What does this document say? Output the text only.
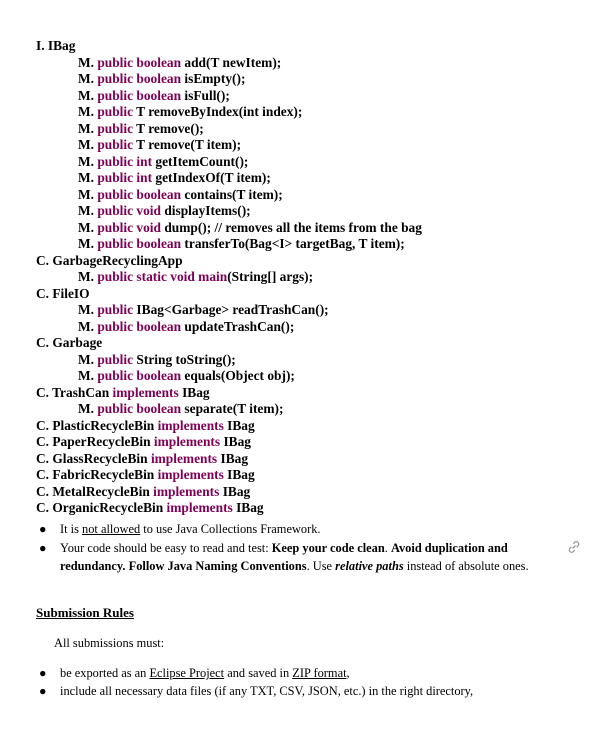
I. IBag
M. public boolean add(T newItem);
M. public boolean isEmpty();
M. public boolean isFull();
M. public T removeByIndex(int index);
M. public T remove();
M. public T remove(T item);
M. public int getItemCount();
M. public int getIndexOf(T item);
M. public boolean contains(T item);
M. public void displayItems();
M. public void dump(); // removes all the items from the bag
M. public boolean transferTo(Bag<I> targetBag, T item);
C. GarbageRecyclingApp
M. public static void main(String[] args);
C. FileIO
M. public IBag<Garbage> readTrashCan();
M. public boolean updateTrashCan();
C. Garbage
M. public String toString();
M. public boolean equals(Object obj);
C. TrashCan implements IBag
M. public boolean separate(T item);
C. PlasticRecycleBin implements IBag
C. PaperRecycleBin implements IBag
C. GlassRecycleBin implements IBag
C. FabricRecycleBin implements IBag
C. MetalRecycleBin implements IBag
C. OrganicRecycleBin implements IBag
● It is not allowed to use Java Collections Framework.
● Your code should be easy to read and test: Keep your code clean. Avoid duplication and redundancy. Follow Java Naming Conventions. Use relative paths instead of absolute ones.
Submission Rules
All submissions must:
● be exported as an Eclipse Project and saved in ZIP format,
● include all necessary data files (if any TXT, CSV, JSON, etc.) in the right directory,
